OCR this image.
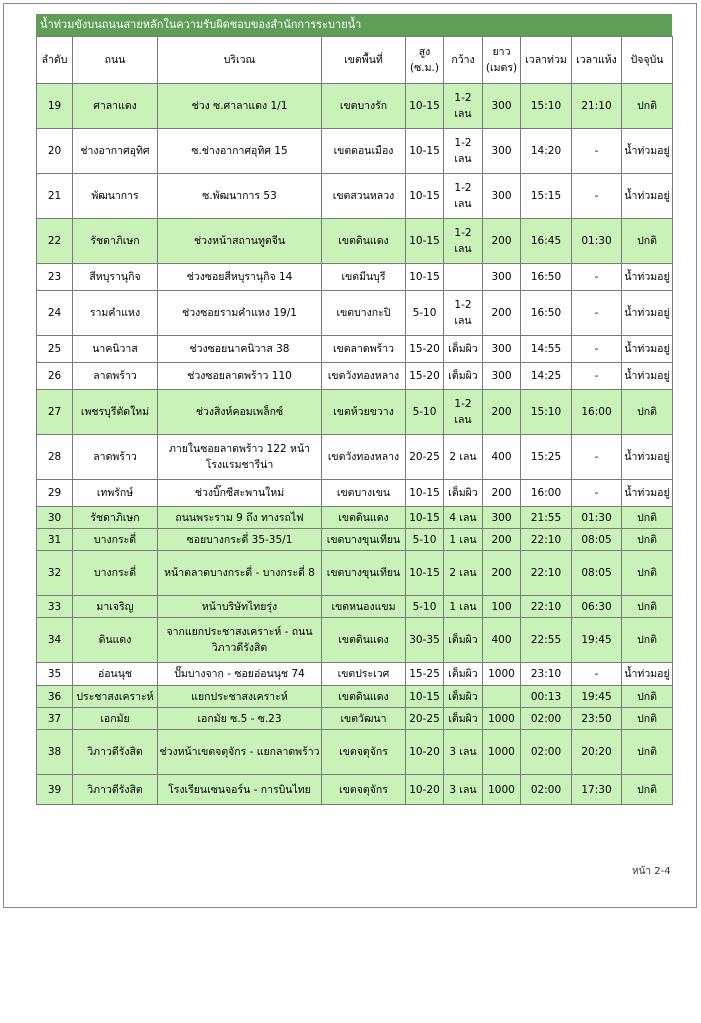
น้ำท่วมขังบนถนนสายหลักในความรับผิดชอบของสำนักการระบายน้ำ
ลำดับ	ถนน	บริเวณ	เขตพื้นที่	สูง (ซ.ม.)	กว้าง	ยาว (เมตร)	เวลาท่วม	เวลาแห้ง	ปัจจุบัน
19	ศาลาแดง	ช่วง ซ.ศาลาแดง 1/1	เขตบางรัก	10-15	1-2 เลน	300	15:10	21:10	ปกติ
20	ช่างอากาศอุทิศ	ซ.ช่างอากาศอุทิศ 15	เขตดอนเมือง	10-15	1-2 เลน	300	14:20	-	น้ำท่วมอยู่
21	พัฒนาการ	ซ.พัฒนาการ 53	เขตสวนหลวง	10-15	1-2 เลน	300	15:15	-	น้ำท่วมอยู่
22	รัชดาภิเษก	ช่วงหน้าสถานทูตจีน	เขตดินแดง	10-15	1-2 เลน	200	16:45	01:30	ปกติ
23	สีหบุรานุกิจ	ช่วงซอยสีหบุรานุกิจ 14	เขตมีนบุรี	10-15		300	16:50	-	น้ำท่วมอยู่
24	รามคำแหง	ช่วงซอยรามคำแหง 19/1	เขตบางกะปิ	5-10	1-2 เลน	200	16:50	-	น้ำท่วมอยู่
25	นาคนิวาส	ช่วงซอยนาคนิวาส 38	เขตลาดพร้าว	15-20	เต็มผิว	300	14:55	-	น้ำท่วมอยู่
26	ลาดพร้าว	ช่วงซอยลาดพร้าว 110	เขตวังทองหลาง	15-20	เต็มผิว	300	14:25	-	น้ำท่วมอยู่
27	เพชรบุรีตัดใหม่	ช่วงสิงห์คอมเพล็กซ์	เขตห้วยขวาง	5-10	1-2 เลน	200	15:10	16:00	ปกติ
28	ลาดพร้าว	ภายในซอยลาดพร้าว 122 หน้าโรงแรมชารีน่า	เขตวังทองหลาง	20-25	2 เลน	400	15:25	-	น้ำท่วมอยู่
29	เทพรักษ์	ช่วงบิ๊กซีสะพานใหม่	เขตบางเขน	10-15	เต็มผิว	200	16:00	-	น้ำท่วมอยู่
30	รัชดาภิเษก	ถนนพระราม 9 ถึง ทางรถไฟ	เขตดินแดง	10-15	4 เลน	300	21:55	01:30	ปกติ
31	บางกระดี่	ซอยบางกระดี่ 35-35/1	เขตบางขุนเทียน	5-10	1 เลน	200	22:10	08:05	ปกติ
32	บางกระดี่	หน้าตลาดบางกระดี่ - บางกระดี่ 8	เขตบางขุนเทียน	10-15	2 เลน	200	22:10	08:05	ปกติ
33	มาเจริญ	หน้าบริษัทไทยรุ่ง	เขตหนองแขม	5-10	1 เลน	100	22:10	06:30	ปกติ
34	ดินแดง	จากแยกประชาสงเคราะห์ - ถนนวิภาวดีรังสิต	เขตดินแดง	30-35	เต็มผิว	400	22:55	19:45	ปกติ
35	อ่อนนุช	ปั๊มบางจาก - ซอยอ่อนนุช 74	เขตประเวศ	15-25	เต็มผิว	1000	23:10	-	น้ำท่วมอยู่
36	ประชาสงเคราะห์	แยกประชาสงเคราะห์	เขตดินแดง	10-15	เต็มผิว		00:13	19:45	ปกติ
37	เอกมัย	เอกมัย ซ.5 - ซ.23	เขตวัฒนา	20-25	เต็มผิว	1000	02:00	23:50	ปกติ
38	วิภาวดีรังสิต	ช่วงหน้าเขตจตุจักร - แยกลาดพร้าว	เขตจตุจักร	10-20	3 เลน	1000	02:00	20:20	ปกติ
39	วิภาวดีรังสิต	โรงเรียนเซนจอร์น - การบินไทย	เขตจตุจักร	10-20	3 เลน	1000	02:00	17:30	ปกติ
หน้า 2-4
